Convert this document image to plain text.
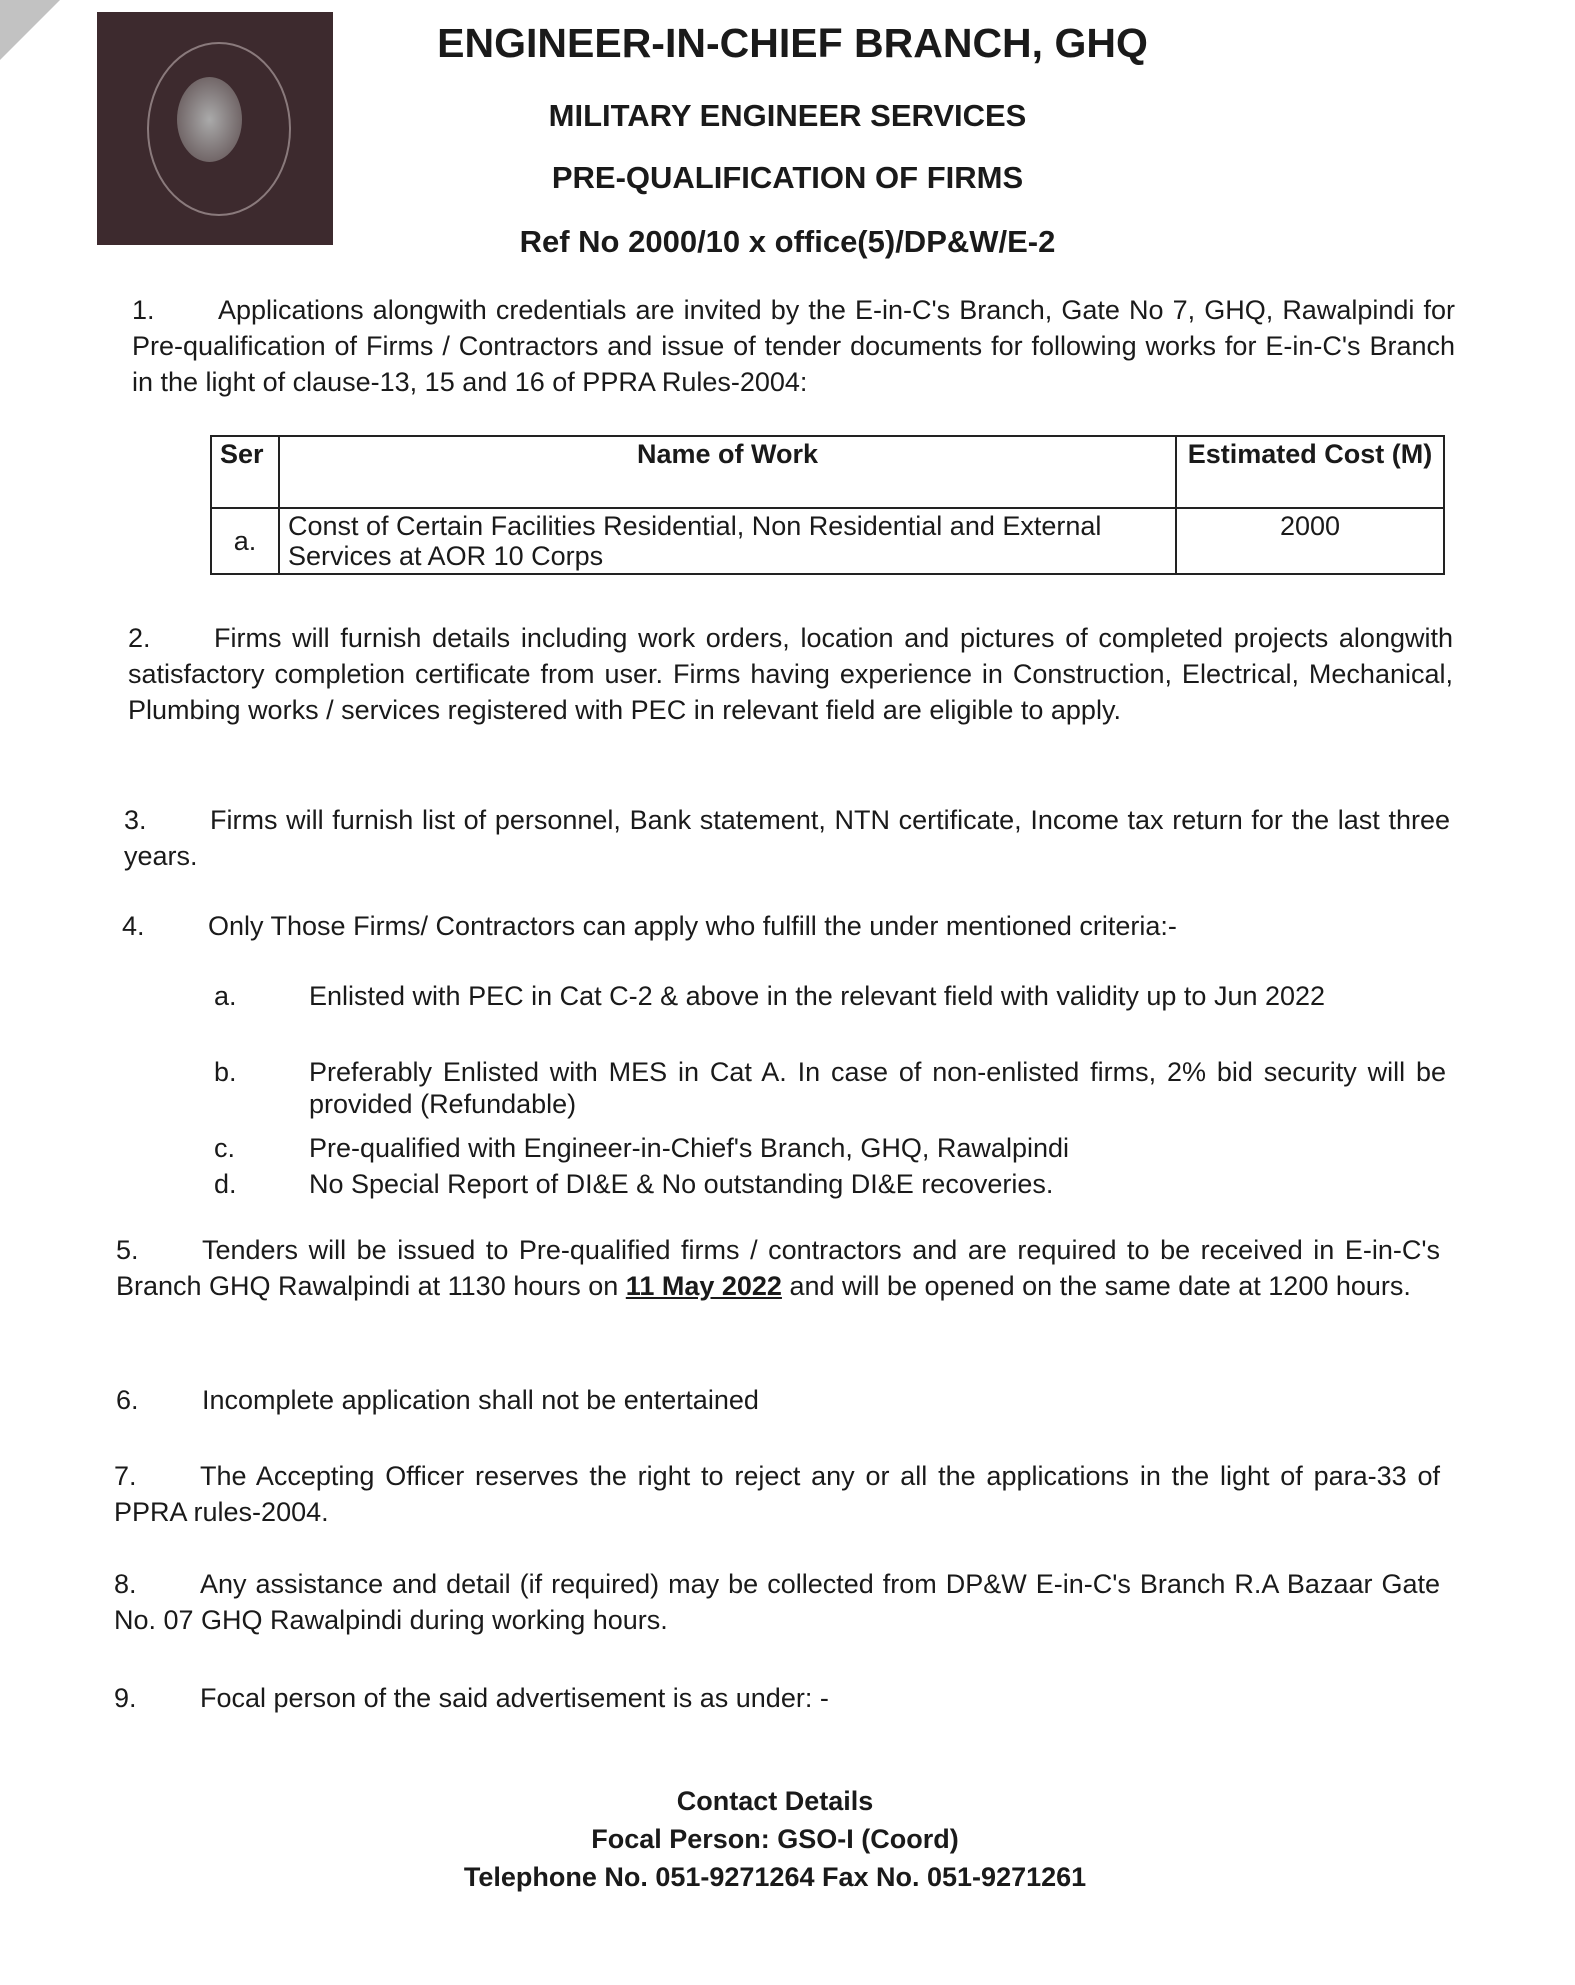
ENGINEER-IN-CHIEF BRANCH, GHQ
MILITARY ENGINEER SERVICES
PRE-QUALIFICATION OF FIRMS
Ref No 2000/10 x office(5)/DP&W/E-2
1. Applications alongwith credentials are invited by the E-in-C's Branch, Gate No 7, GHQ, Rawalpindi for Pre-qualification of Firms / Contractors and issue of tender documents for following works for E-in-C's Branch in the light of clause-13, 15 and 16 of PPRA Rules-2004:
Ser	Name of Work	Estimated Cost (M)
a.	Const of Certain Facilities Residential, Non Residential and External Services at AOR 10 Corps	2000
2. Firms will furnish details including work orders, location and pictures of completed projects alongwith satisfactory completion certificate from user. Firms having experience in Construction, Electrical, Mechanical, Plumbing works / services registered with PEC in relevant field are eligible to apply.
3. Firms will furnish list of personnel, Bank statement, NTN certificate, Income tax return for the last three years.
4. Only Those Firms/ Contractors can apply who fulfill the under mentioned criteria:-
a.	Enlisted with PEC in Cat C-2 & above in the relevant field with validity up to Jun 2022
b.	Preferably Enlisted with MES in Cat A. In case of non-enlisted firms, 2% bid security will be provided (Refundable)
c.	Pre-qualified with Engineer-in-Chief's Branch, GHQ, Rawalpindi
d.	No Special Report of DI&E & No outstanding DI&E recoveries.
5. Tenders will be issued to Pre-qualified firms / contractors and are required to be received in E-in-C's Branch GHQ Rawalpindi at 1130 hours on 11 May 2022 and will be opened on the same date at 1200 hours.
6. Incomplete application shall not be entertained
7. The Accepting Officer reserves the right to reject any or all the applications in the light of para-33 of PPRA rules-2004.
8. Any assistance and detail (if required) may be collected from DP&W E-in-C's Branch R.A Bazaar Gate No. 07 GHQ Rawalpindi during working hours.
9. Focal person of the said advertisement is as under: -
Contact Details
Focal Person: GSO-I (Coord)
Telephone No. 051-9271264 Fax No. 051-9271261
